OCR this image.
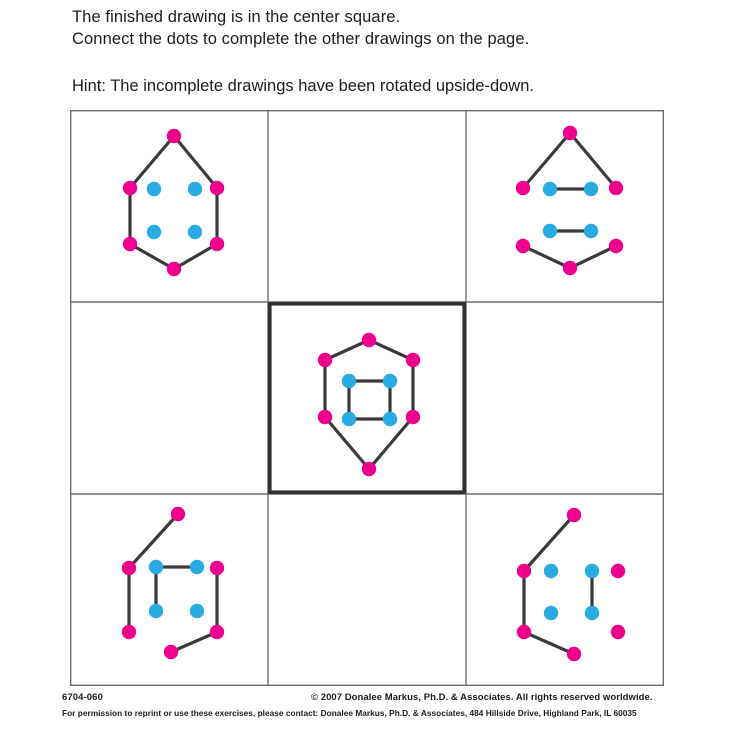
The finished drawing is in the center square.
Connect the dots to complete the other drawings on the page.
Hint: The incomplete drawings have been rotated upside-down.
6704-060	© 2007 Donalee Markus, Ph.D. & Associates. All rights reserved worldwide.
For permission to reprint or use these exercises, please contact: Donalee Markus, Ph.D. & Associates, 484 Hillside Drive, Highland Park, IL 60035
